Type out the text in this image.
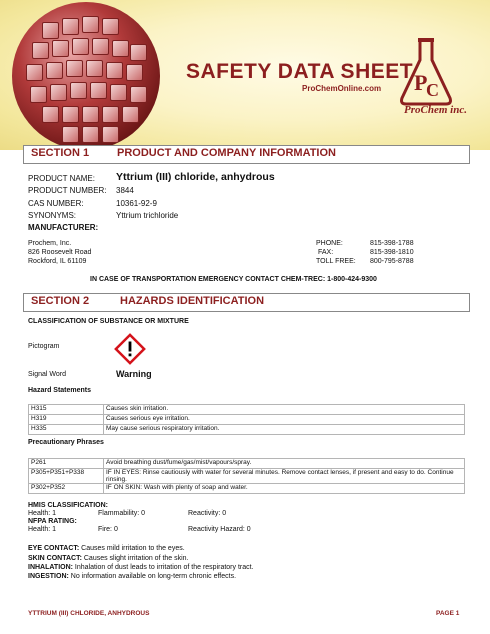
SAFETY DATA SHEET
ProChemOnline.com P
C
ProChem inc.
SECTION 1	PRODUCT AND COMPANY INFORMATION
PRODUCT NAME: Yttrium (III) chloride, anhydrous
PRODUCT NUMBER: 3844
CAS NUMBER:	10361-92-9
SYNONYMS:	Yttrium trichloride
MANUFACTURER:
Prochem, Inc.
826 Roosevelt Road
Rockford, IL 61109
PHONE:	815-398-1788
FAX:	815-398-1810
TOLL FREE: 800-795-8788
IN CASE OF TRANSPORTATION EMERGENCY CONTACT CHEM-TREC: 1-800-424-9300
SECTION 2	HAZARDS IDENTIFICATION
CLASSIFICATION OF SUBSTANCE OR MIXTURE
Pictogram
Signal Word	Warning
Hazard Statements
H315	Causes skin irritation.
H319	Causes serious eye irritation.
H335	May cause serious respiratory irritation.
Precautionary Phrases
P261	Avoid breathing dust/fume/gas/mist/vapours/spray.
P305+P351+P338	IF IN EYES: Rinse cautiously with water for several minutes. Remove contact lenses, if present and easy to do. Continue rinsing.
P302+P352	IF ON SKIN: Wash with plenty of soap and water.
HMIS CLASSIFICATION:
Health: 1	Flammability: 0	Reactivity: 0
NFPA RATING:
Health: 1	Fire: 0	Reactivity Hazard: 0
EYE CONTACT: Causes mild irritation to the eyes.
SKIN CONTACT: Causes slight irritation of the skin.
INHALATION: Inhalation of dust leads to irritation of the respiratory tract.
INGESTION: No information available on long-term chronic effects.
YTTRIUM (III) CHLORIDE, ANHYDROUS	PAGE 1
